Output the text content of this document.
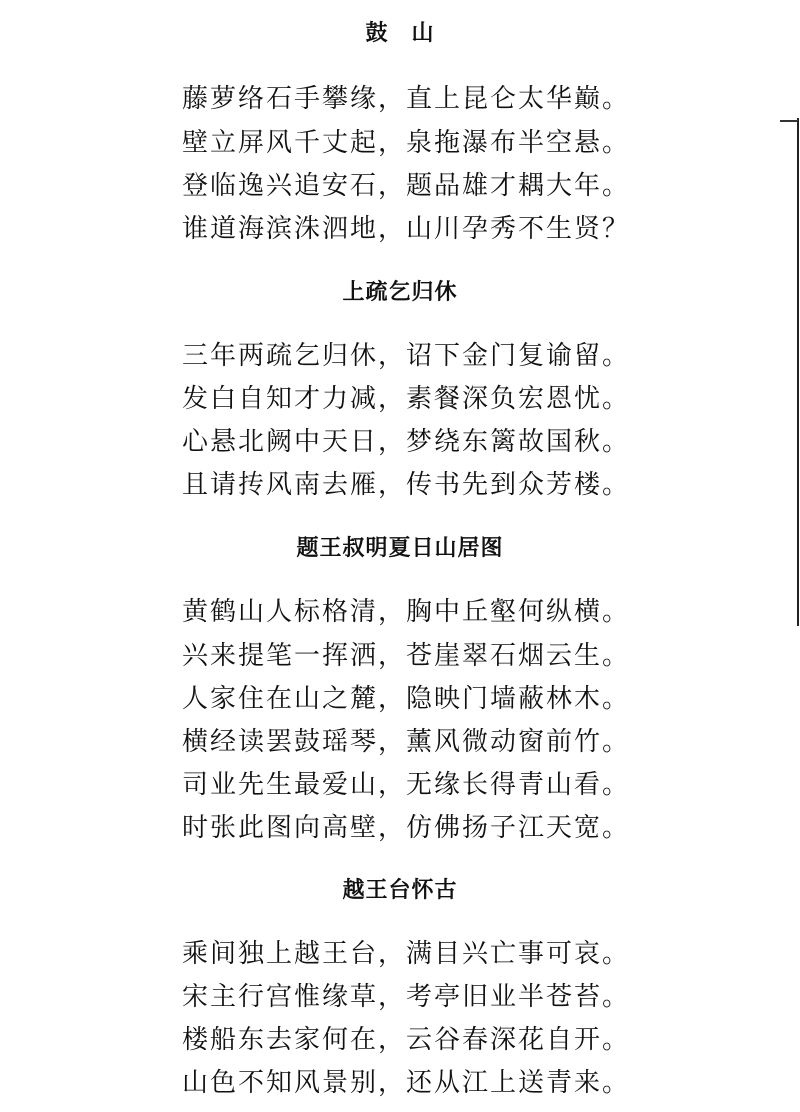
鼓　山
藤萝络石手攀缘，直上昆仑太华巅。
壁立屏风千丈起，泉拖瀑布半空悬。
登临逸兴追安石，题品雄才耦大年。
谁道海滨洙泗地，山川孕秀不生贤？
上疏乞归休
三年两疏乞归休，诏下金门复谕留。
发白自知才力减，素餐深负宏恩忧。
心悬北阙中天日，梦绕东篱故国秋。
且请抟风南去雁，传书先到众芳楼。
题王叔明夏日山居图
黄鹤山人标格清，胸中丘壑何纵横。
兴来提笔一挥洒，苍崖翠石烟云生。
人家住在山之麓，隐映门墙蔽林木。
横经读罢鼓瑶琴，薰风微动窗前竹。
司业先生最爱山，无缘长得青山看。
时张此图向高壁，仿佛扬子江天宽。
越王台怀古
乘间独上越王台，满目兴亡事可哀。
宋主行宫惟缘草，考亭旧业半苍苔。
楼船东去家何在，云谷春深花自开。
山色不知风景别，还从江上送青来。
